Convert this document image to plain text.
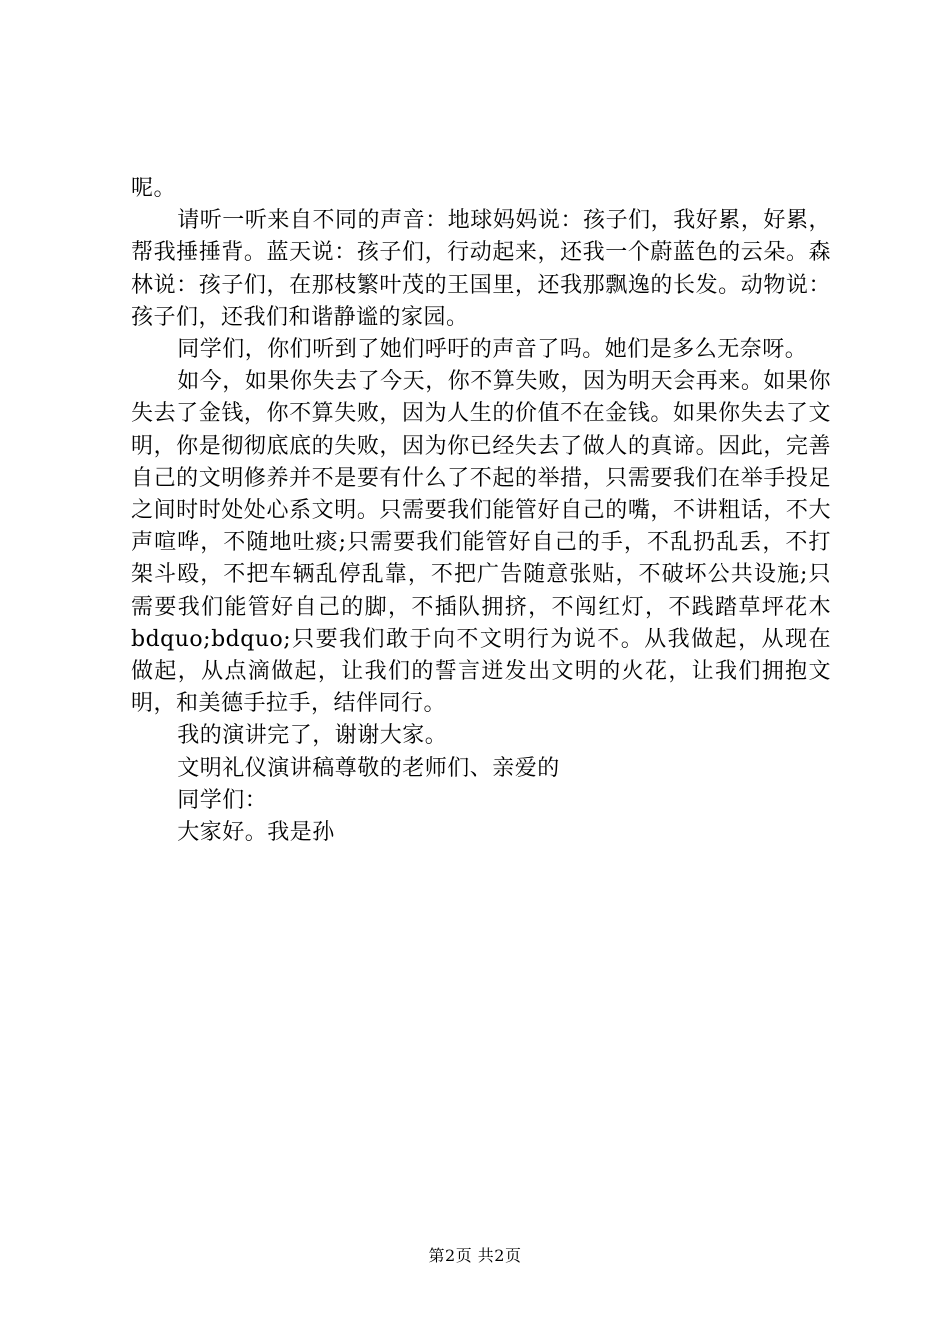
呢。

请听一听来自不同的声音：地球妈妈说：孩子们，我好累，好累，帮我捶捶背。蓝天说：孩子们，行动起来，还我一个蔚蓝色的云朵。森林说：孩子们，在那枝繁叶茂的王国里，还我那飘逸的长发。动物说：孩子们，还我们和谐静谧的家园。

同学们，你们听到了她们呼吁的声音了吗。她们是多么无奈呀。

如今，如果你失去了今天，你不算失败，因为明天会再来。如果你失去了金钱，你不算失败，因为人生的价值不在金钱。如果你失去了文明，你是彻彻底底的失败，因为你已经失去了做人的真谛。因此，完善自己的文明修养并不是要有什么了不起的举措，只需要我们在举手投足之间时时处处心系文明。只需要我们能管好自己的嘴，不讲粗话，不大声喧哗，不随地吐痰;只需要我们能管好自己的手，不乱扔乱丢，不打架斗殴，不把车辆乱停乱靠，不把广告随意张贴，不破坏公共设施;只需要我们能管好自己的脚，不插队拥挤，不闯红灯，不践踏草坪花木 bdquo;bdquo;只要我们敢于向不文明行为说不。从我做起，从现在做起，从点滴做起，让我们的誓言迸发出文明的火花，让我们拥抱文明，和美德手拉手，结伴同行。

我的演讲完了，谢谢大家。

文明礼仪演讲稿尊敬的老师们、亲爱的

同学们：

大家好。我是孙

第2页 共2页
